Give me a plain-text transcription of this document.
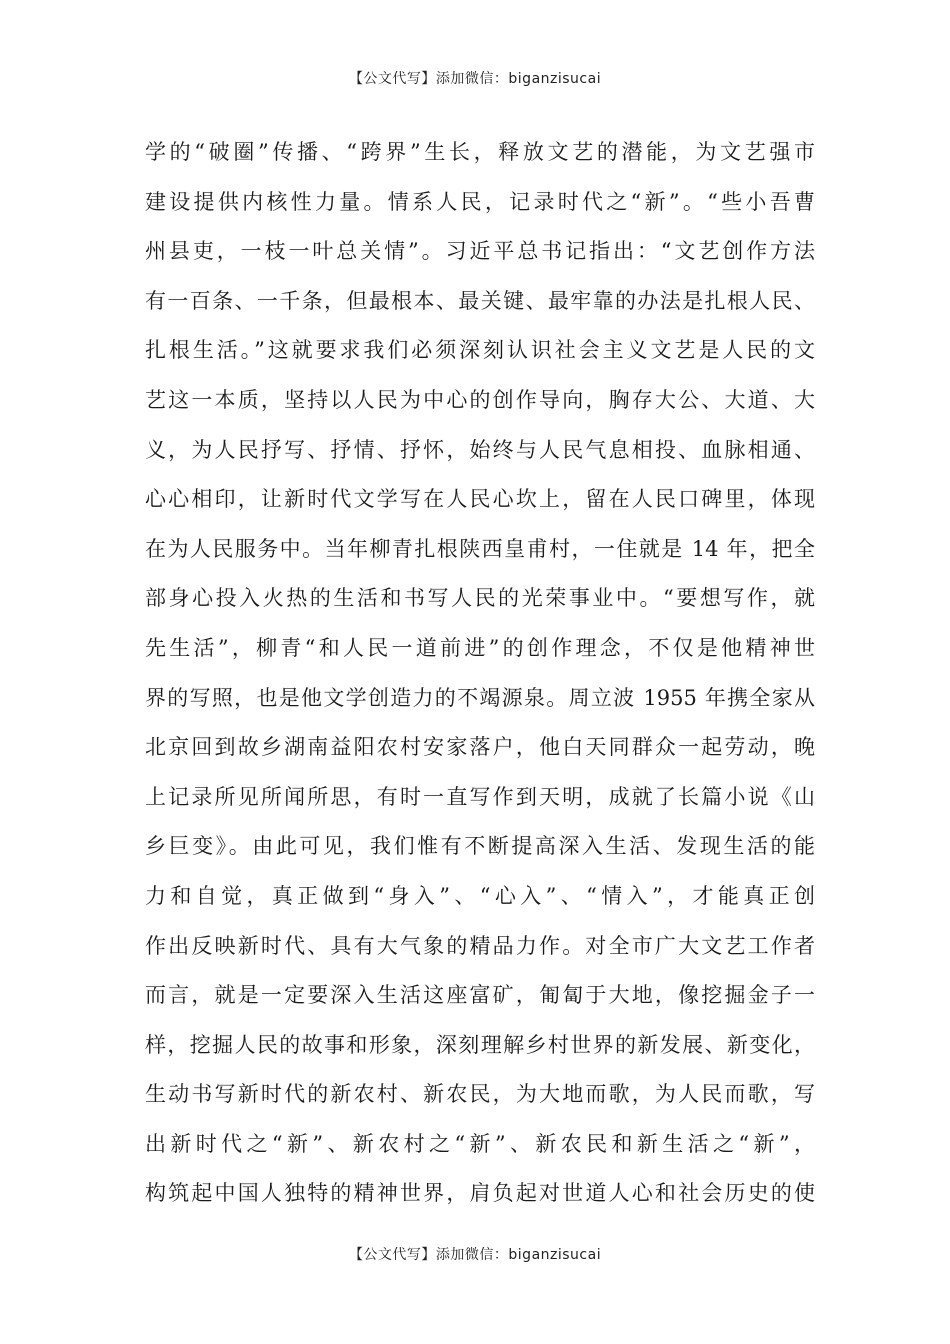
【公文代写】添加微信：biganzisucai
学的“破圈”传播、“跨界”生长，释放文艺的潜能，为文艺强市
建设提供内核性力量。情系人民，记录时代之“新”。“些小吾曹
州县吏，一枝一叶总关情”。习近平总书记指出：“文艺创作方法
有一百条、一千条，但最根本、最关键、最牢靠的办法是扎根人民、
扎根生活。”这就要求我们必须深刻认识社会主义文艺是人民的文
艺这一本质，坚持以人民为中心的创作导向，胸存大公、大道、大
义，为人民抒写、抒情、抒怀，始终与人民气息相投、血脉相通、
心心相印，让新时代文学写在人民心坎上，留在人民口碑里，体现
在为人民服务中。当年柳青扎根陕西皇甫村，一住就是 14 年，把全
部身心投入火热的生活和书写人民的光荣事业中。“要想写作，就
先生活”，柳青“和人民一道前进”的创作理念，不仅是他精神世
界的写照，也是他文学创造力的不竭源泉。周立波 1955 年携全家从
北京回到故乡湖南益阳农村安家落户，他白天同群众一起劳动，晚
上记录所见所闻所思，有时一直写作到天明，成就了长篇小说《山
乡巨变》。由此可见，我们惟有不断提高深入生活、发现生活的能
力和自觉，真正做到“身入”、“心入”、“情入”，才能真正创
作出反映新时代、具有大气象的精品力作。对全市广大文艺工作者
而言，就是一定要深入生活这座富矿，匍匐于大地，像挖掘金子一
样，挖掘人民的故事和形象，深刻理解乡村世界的新发展、新变化，
生动书写新时代的新农村、新农民，为大地而歌，为人民而歌，写
出新时代之“新”、新农村之“新”、新农民和新生活之“新”，
构筑起中国人独特的精神世界，肩负起对世道人心和社会历史的使
【公文代写】添加微信：biganzisucai
